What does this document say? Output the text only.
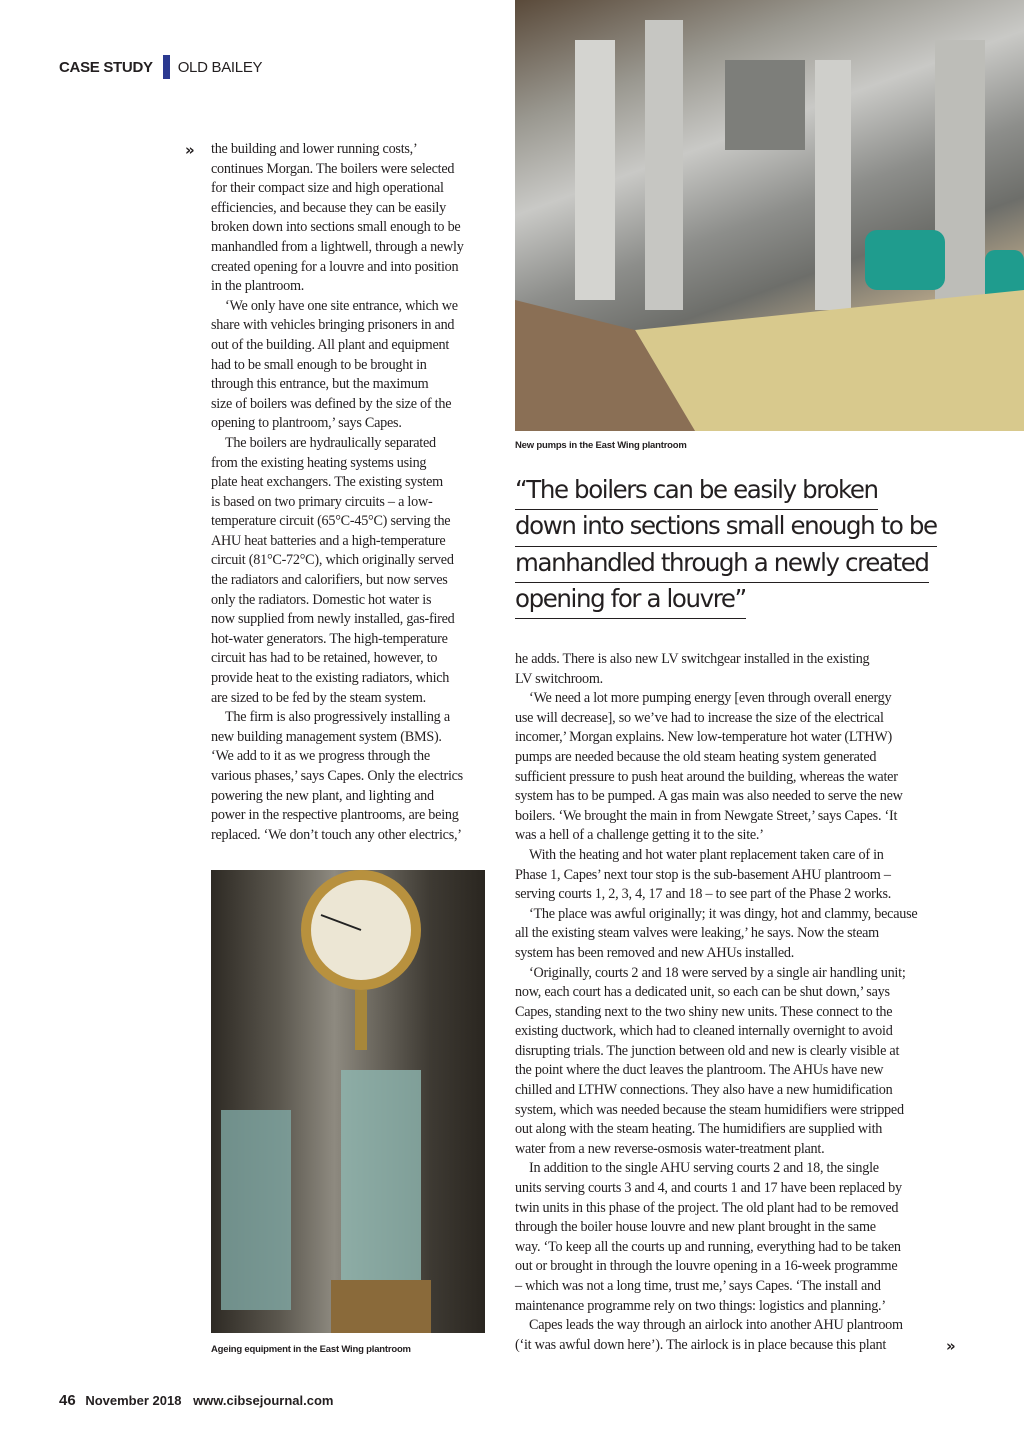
CASE STUDY OLD BAILEY
New pumps in the East Wing plantroom
“The boilers can be easily broken
down into sections small enough to be
manhandled through a newly created
opening for a louvre”
the building and lower running costs,’
continues Morgan. The boilers were selected
for their compact size and high operational
efficiencies, and because they can be easily
broken down into sections small enough to be
manhandled from a lightwell, through a newly
created opening for a louvre and into position
in the plantroom.
‘We only have one site entrance, which we
share with vehicles bringing prisoners in and
out of the building. All plant and equipment
had to be small enough to be brought in
through this entrance, but the maximum
size of boilers was defined by the size of the
opening to plantroom,’ says Capes.
The boilers are hydraulically separated
from the existing heating systems using
plate heat exchangers. The existing system
is based on two primary circuits – a low-
temperature circuit (65°C-45°C) serving the
AHU heat batteries and a high-temperature
circuit (81°C-72°C), which originally served
the radiators and calorifiers, but now serves
only the radiators. Domestic hot water is
now supplied from newly installed, gas-fired
hot-water generators. The high-temperature
circuit has had to be retained, however, to
provide heat to the existing radiators, which
are sized to be fed by the steam system.
The firm is also progressively installing a
new building management system (BMS).
‘We add to it as we progress through the
various phases,’ says Capes. Only the electrics
powering the new plant, and lighting and
power in the respective plantrooms, are being
replaced. ‘We don’t touch any other electrics,’
»
Ageing equipment in the East Wing plantroom
he adds. There is also new LV switchgear installed in the existing
LV switchroom.
‘We need a lot more pumping energy [even through overall energy
use will decrease], so we’ve had to increase the size of the electrical
incomer,’ Morgan explains. New low-temperature hot water (LTHW)
pumps are needed because the old steam heating system generated
sufficient pressure to push heat around the building, whereas the water
system has to be pumped. A gas main was also needed to serve the new
boilers. ‘We brought the main in from Newgate Street,’ says Capes. ‘It
was a hell of a challenge getting it to the site.’
With the heating and hot water plant replacement taken care of in
Phase 1, Capes’ next tour stop is the sub-basement AHU plantroom –
serving courts 1, 2, 3, 4, 17 and 18 – to see part of the Phase 2 works.
‘The place was awful originally; it was dingy, hot and clammy, because
all the existing steam valves were leaking,’ he says. Now the steam
system has been removed and new AHUs installed.
‘Originally, courts 2 and 18 were served by a single air handling unit;
now, each court has a dedicated unit, so each can be shut down,’ says
Capes, standing next to the two shiny new units. These connect to the
existing ductwork, which had to cleaned internally overnight to avoid
disrupting trials. The junction between old and new is clearly visible at
the point where the duct leaves the plantroom. The AHUs have new
chilled and LTHW connections. They also have a new humidification
system, which was needed because the steam humidifiers were stripped
out along with the steam heating. The humidifiers are supplied with
water from a new reverse-osmosis water-treatment plant.
In addition to the single AHU serving courts 2 and 18, the single
units serving courts 3 and 4, and courts 1 and 17 have been replaced by
twin units in this phase of the project. The old plant had to be removed
through the boiler house louvre and new plant brought in the same
way. ‘To keep all the courts up and running, everything had to be taken
out or brought in through the louvre opening in a 16-week programme
– which was not a long time, trust me,’ says Capes. ‘The install and
maintenance programme rely on two things: logistics and planning.’
Capes leads the way through an airlock into another AHU plantroom
(‘it was awful down here’). The airlock is in place because this plant	»
46 November 2018 www.cibsejournal.com
